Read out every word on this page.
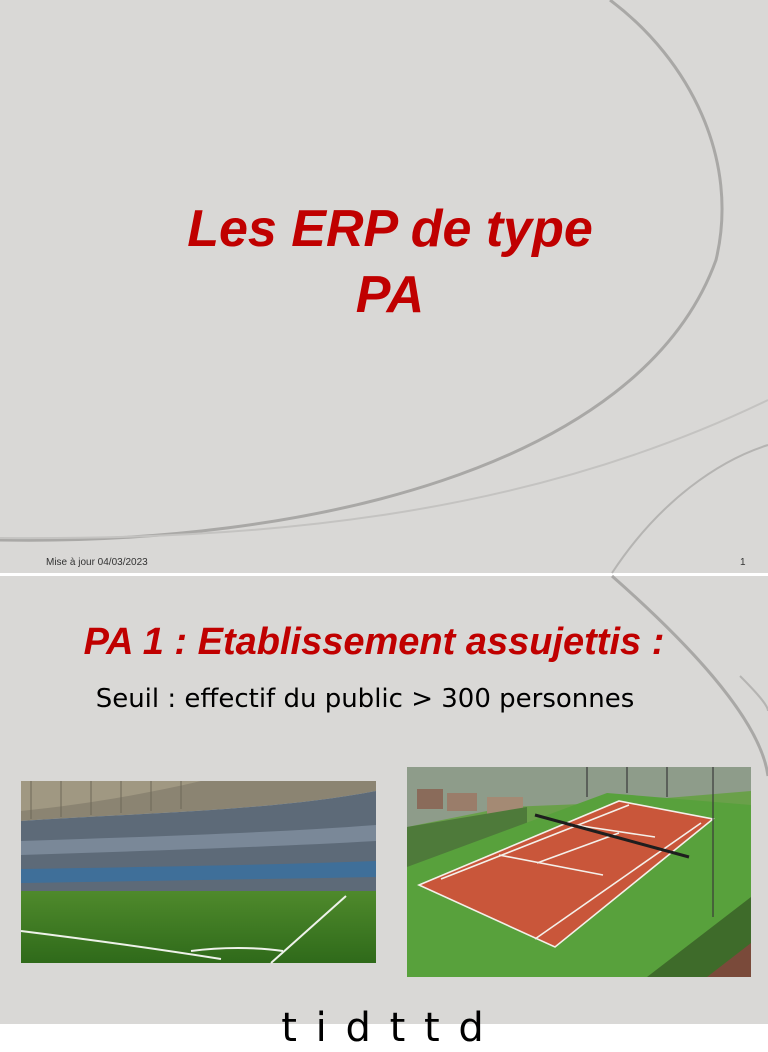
Les ERP de type
PA
Mise à jour 04/03/2023	1
PA 1 : Etablissement assujettis :
Seuil : effectif du public > 300 personnes
t i d t t d
